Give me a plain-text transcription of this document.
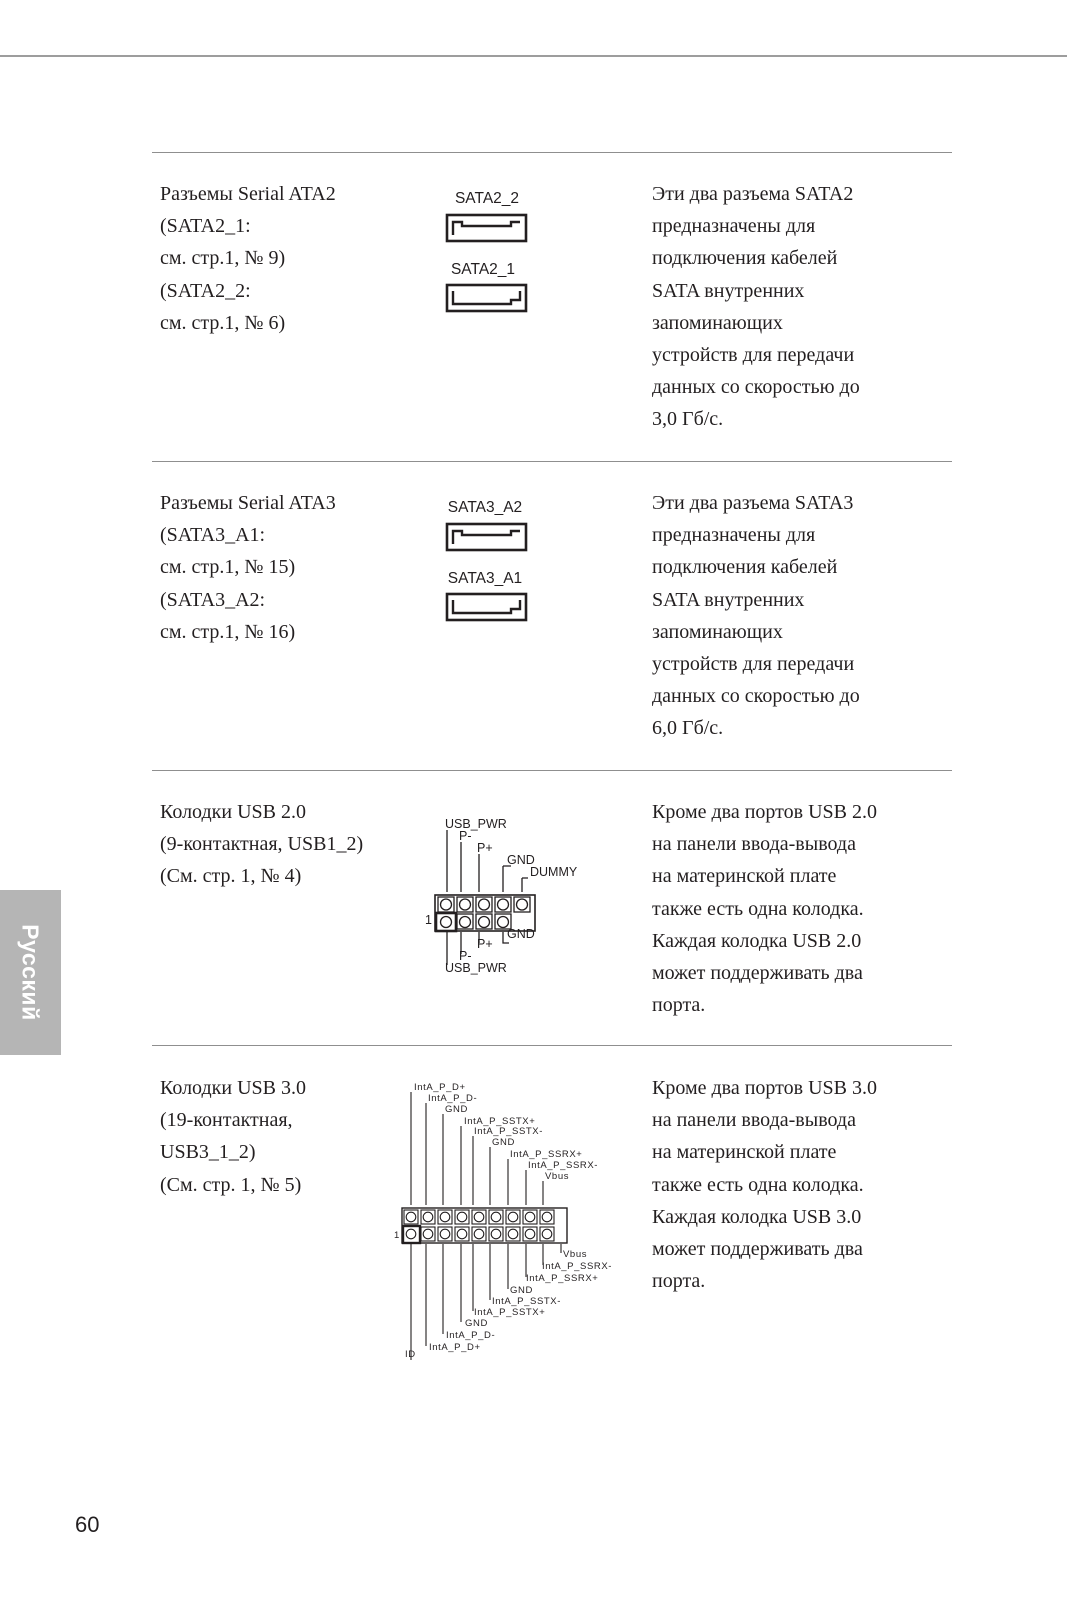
Разъемы Serial ATA2
(SATA2_1:
см. стр.1, № 9)
(SATA2_2:
см. стр.1, № 6)
SATA2_2
SATA2_1
Эти два разъема SATA2
предназначены для
подключения кабелей
SATA внутренних
запоминающих
устройств для передачи
данных со скоростью до
3,0 Гб/с.
Разъемы Serial ATA3
(SATA3_A1:
см. стр.1, № 15)
(SATA3_A2:
см. стр.1, № 16)
SATA3_A2
SATA3_A1
Эти два разъема SATA3
предназначены для
подключения кабелей
SATA внутренних
запоминающих
устройств для передачи
данных со скоростью до
6,0 Гб/с.
Колодки USB 2.0
(9-контактная, USB1_2)
(См. стр. 1, № 4)
USB_PWR
P-
P+
GND
DUMMY
GND
P+
P-
USB_PWR
1
Кроме два портов USB 2.0
на панели ввода-вывода
на материнской плате
также есть одна колодка.
Каждая колодка USB 2.0
может поддерживать два
порта.
Колодки USB 3.0
(19-контактная,
USB3_1_2)
(См. стр. 1, № 5)
IntA_P_D+
IntA_P_D-
GND
IntA_P_SSTX+
IntA_P_SSTX-
GND
IntA_P_SSRX+
IntA_P_SSRX-
Vbus
Vbus
IntA_P_SSRX-
IntA_P_SSRX+
GND
IntA_P_SSTX-
IntA_P_SSTX+
GND
IntA_P_D-
IntA_P_D+
ID
1
Кроме два портов USB 3.0
на панели ввода-вывода
на материнской плате
также есть одна колодка.
Каждая колодка USB 3.0
может поддерживать два
порта.
Русский
60
